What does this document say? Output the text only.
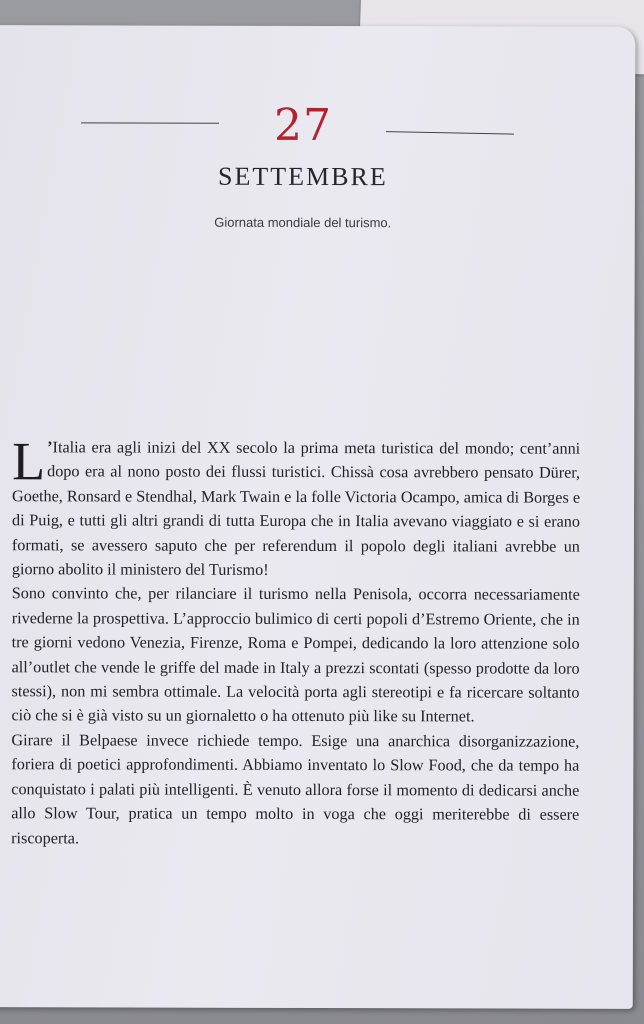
27
SETTEMBRE
Giornata mondiale del turismo.

L ’Italia era agli inizi del XX secolo la prima meta turistica del mondo; cent’anni dopo era al nono posto dei flussi turistici. Chissà cosa avrebbero pensato Dürer, Goethe, Ronsard e Stendhal, Mark Twain e la folle Victoria Ocampo, amica di Borges e di Puig, e tutti gli altri grandi di tutta Europa che in Italia avevano viaggiato e si erano formati, se avessero saputo che per referendum il popolo degli italiani avrebbe un giorno abolito il ministero del Turismo!

Sono convinto che, per rilanciare il turismo nella Penisola, occorra necessariamente rivederne la prospettiva. L’approccio bulimico di certi popoli d’Estremo Oriente, che in tre giorni vedono Venezia, Firenze, Roma e Pompei, dedicando la loro attenzione solo all’outlet che vende le griffe del made in Italy a prezzi scontati (spesso prodotte da loro stessi), non mi sembra ottimale. La velocità porta agli stereotipi e fa ricercare soltanto ciò che si è già visto su un giornaletto o ha ottenuto più like su Internet.

Girare il Belpaese invece richiede tempo. Esige una anarchica disorganizzazione, foriera di poetici approfondimenti. Abbiamo inventato lo Slow Food, che da tempo ha conquistato i palati più intelligenti. È venuto allora forse il momento di dedicarsi anche allo Slow Tour, pratica un tempo molto in voga che oggi meriterebbe di essere riscoperta.
